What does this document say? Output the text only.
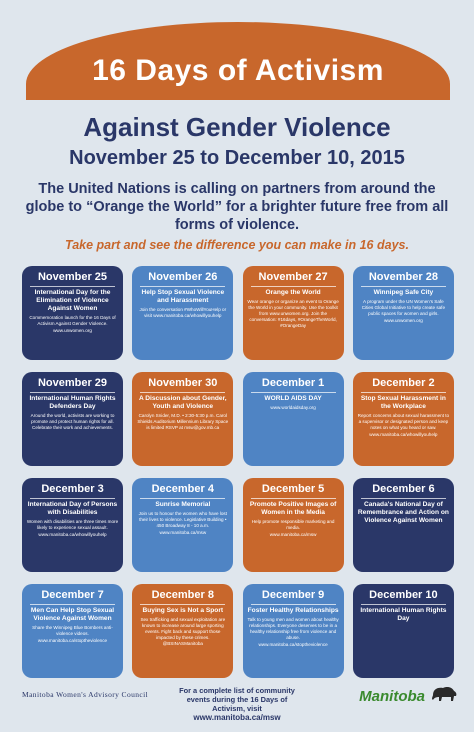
16 Days of Activism
Against Gender Violence
November 25 to December 10, 2015
The United Nations is calling on partners from around the globe to “Orange the World” for a brighter future free from all forms of violence.
Take part and see the difference you can make in 16 days.
November 25
International Day for the Elimination of Violence Against Women
Commemoration launch for the 16 Days of Activism Against Gender Violence.
www.unwomen.org
November 26
Help Stop Sexual Violence and Harassment
Join the conversation #WhoWillYouHelp or visit www.manitoba.ca/whowillyouhelp
November 27
Orange the World
Wear orange or organize an event to Orange the World in your community. Use the toolkit from www.unwomen.org. Join the conversation: #16days, #OrangeTheWorld, #OrangeDay
November 28
Winnipeg Safe City
A program under the UN Women's Safe Cities Global Initiative to help create safe public spaces for women and girls.
www.unwomen.org
November 29
International Human Rights Defenders Day
Around the world, activists are working to promote and protect human rights for all. Celebrate their work and achievements.
November 30
A Discussion about Gender, Youth and Violence
Carolyn Snider, M.D. • 2:30-5:30 p.m. Carol Shields Auditorium Millennium Library Space is limited RSVP at msw@gov.mb.ca
December 1
WORLD AIDS DAY
www.worldaidsday.org
December 2
Stop Sexual Harassment in the Workplace
Report concerns about sexual harassment to a supervisor or designated person and keep notes on what you heard or saw.
www.manitoba.ca/whowillyouhelp
December 3
International Day of Persons with Disabilities
Women with disabilities are three times more likely to experience sexual assault.
www.manitoba.ca/whowillyouhelp
December 4
Sunrise Memorial
Join us to honour the women who have lost their lives to violence. Legislative Building • 450 Broadway 8 - 10 a.m.
www.manitoba.ca/msw
December 5
Promote Positive Images of Women in the Media
Help promote responsible marketing and media.
www.manitoba.ca/msw
December 6
Canada's National Day of Remembrance and Action on Violence Against Women
December 7
Men Can Help Stop Sexual Violence Against Women
Share the Winnipeg Blue Bombers anti-violence videos.
www.manitoba.ca/stoptheviolence
December 8
Buying Sex is Not a Sport
Sex trafficking and sexual exploitation are known to increase around large sporting events. Fight back and support those impacted by these crimes. @BSINASManitoba
December 9
Foster Healthy Relationships
Talk to young men and women about healthy relationships. Everyone deserves to be in a healthy relationship free from violence and abuse.
www.manitoba.ca/stoptheviolence
December 10
International Human Rights Day
Manitoba Women's Advisory Council	For a complete list of community events during the 16 Days of Activism, visit
www.manitoba.ca/msw
Manitoba
